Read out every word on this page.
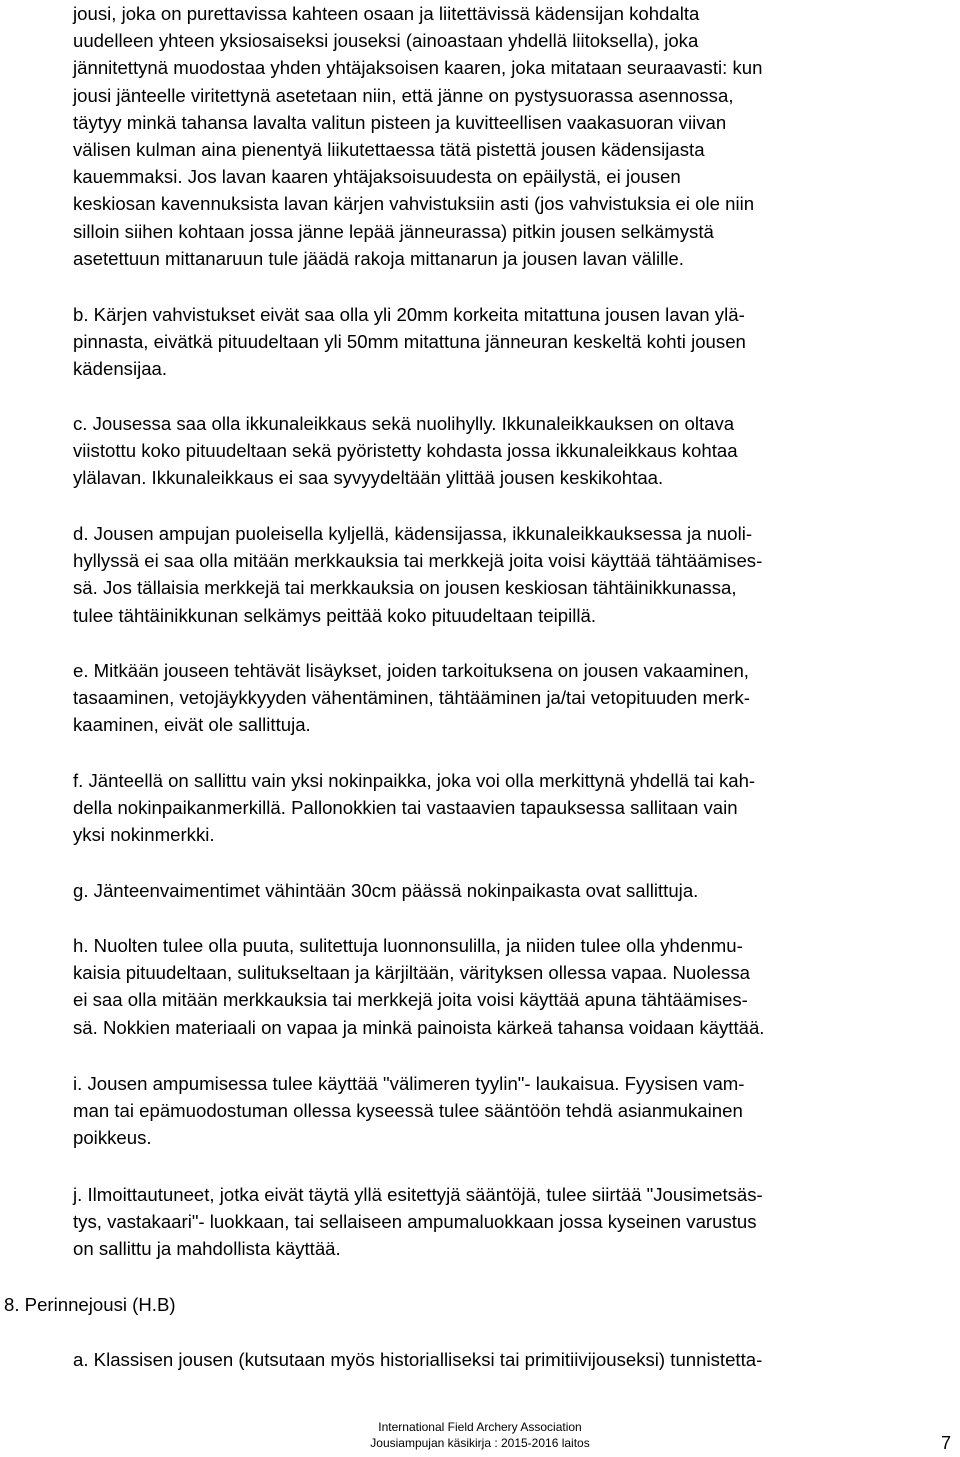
jousi, joka on purettavissa kahteen osaan ja liitettävissä kädensijan kohdalta
uudelleen yhteen yksiosaiseksi jouseksi (ainoastaan yhdellä liitoksella), joka
jännitettynä muodostaa yhden yhtäjaksoisen kaaren, joka mitataan seuraavasti: kun
jousi jänteelle viritettynä asetetaan niin, että jänne on pystysuorassa asennossa,
täytyy minkä tahansa lavalta valitun pisteen ja kuvitteellisen vaakasuoran viivan
välisen kulman aina pienentyä liikutettaessa tätä pistettä jousen kädensijasta
kauemmaksi. Jos lavan kaaren yhtäjaksoisuudesta on epäilystä, ei jousen
keskiosan kavennuksista lavan kärjen vahvistuksiin asti (jos vahvistuksia ei ole niin
silloin siihen kohtaan jossa jänne lepää jänneurassa) pitkin jousen selkämystä
asetettuun mittanaruun tule jäädä rakoja mittanarun ja jousen lavan välille.
b. Kärjen vahvistukset eivät saa olla yli 20mm korkeita mitattuna jousen lavan ylä-
pinnasta, eivätkä pituudeltaan yli 50mm mitattuna jänneuran keskeltä kohti jousen
kädensijaa.
c. Jousessa saa olla ikkunaleikkaus sekä nuolihylly. Ikkunaleikkauksen on oltava
viistottu koko pituudeltaan sekä pyöristetty kohdasta jossa ikkunaleikkaus kohtaa
ylälavan. Ikkunaleikkaus ei saa syvyydeltään ylittää jousen keskikohtaa.
d. Jousen ampujan puoleisella kyljellä, kädensijassa, ikkunaleikkauksessa ja nuoli-
hyllyssä ei saa olla mitään merkkauksia tai merkkejä joita voisi käyttää tähtäämises-
sä. Jos tällaisia merkkejä tai merkkauksia on jousen keskiosan tähtäinikkunassa,
tulee tähtäinikkunan selkämys peittää koko pituudeltaan teipillä.
e. Mitkään jouseen tehtävät lisäykset, joiden tarkoituksena on jousen vakaaminen,
tasaaminen, vetojäykkyyden vähentäminen, tähtääminen ja/tai vetopituuden merk-
kaaminen, eivät ole sallittuja.
f. Jänteellä on sallittu vain yksi nokinpaikka, joka voi olla merkittynä yhdellä tai kah-
della nokinpaikanmerkillä. Pallonokkien tai vastaavien tapauksessa sallitaan vain
yksi nokinmerkki.
g. Jänteenvaimentimet vähintään 30cm päässä nokinpaikasta ovat sallittuja.
h. Nuolten tulee olla puuta, sulitettuja luonnonsulilla, ja niiden tulee olla yhdenmu-
kaisia pituudeltaan, sulitukseltaan ja kärjiltään, värityksen ollessa vapaa. Nuolessa
ei saa olla mitään merkkauksia tai merkkejä joita voisi käyttää apuna tähtäämises-
sä. Nokkien materiaali on vapaa ja minkä painoista kärkeä tahansa voidaan käyttää.
i. Jousen ampumisessa tulee käyttää "välimeren tyylin"- laukaisua. Fyysisen vam-
man tai epämuodostuman ollessa kyseessä tulee sääntöön tehdä asianmukainen
poikkeus.
j. Ilmoittautuneet, jotka eivät täytä yllä esitettyjä sääntöjä, tulee siirtää "Jousimetsäs-
tys, vastakaari"- luokkaan, tai sellaiseen ampumaluokkaan jossa kyseinen varustus
on sallittu ja mahdollista käyttää.
8. Perinnejousi (H.B)
a. Klassisen jousen (kutsutaan myös historialliseksi tai primitiivijouseksi) tunnistetta-
International Field Archery Association
Jousiampujan käsikirja : 2015-2016 laitos	7
